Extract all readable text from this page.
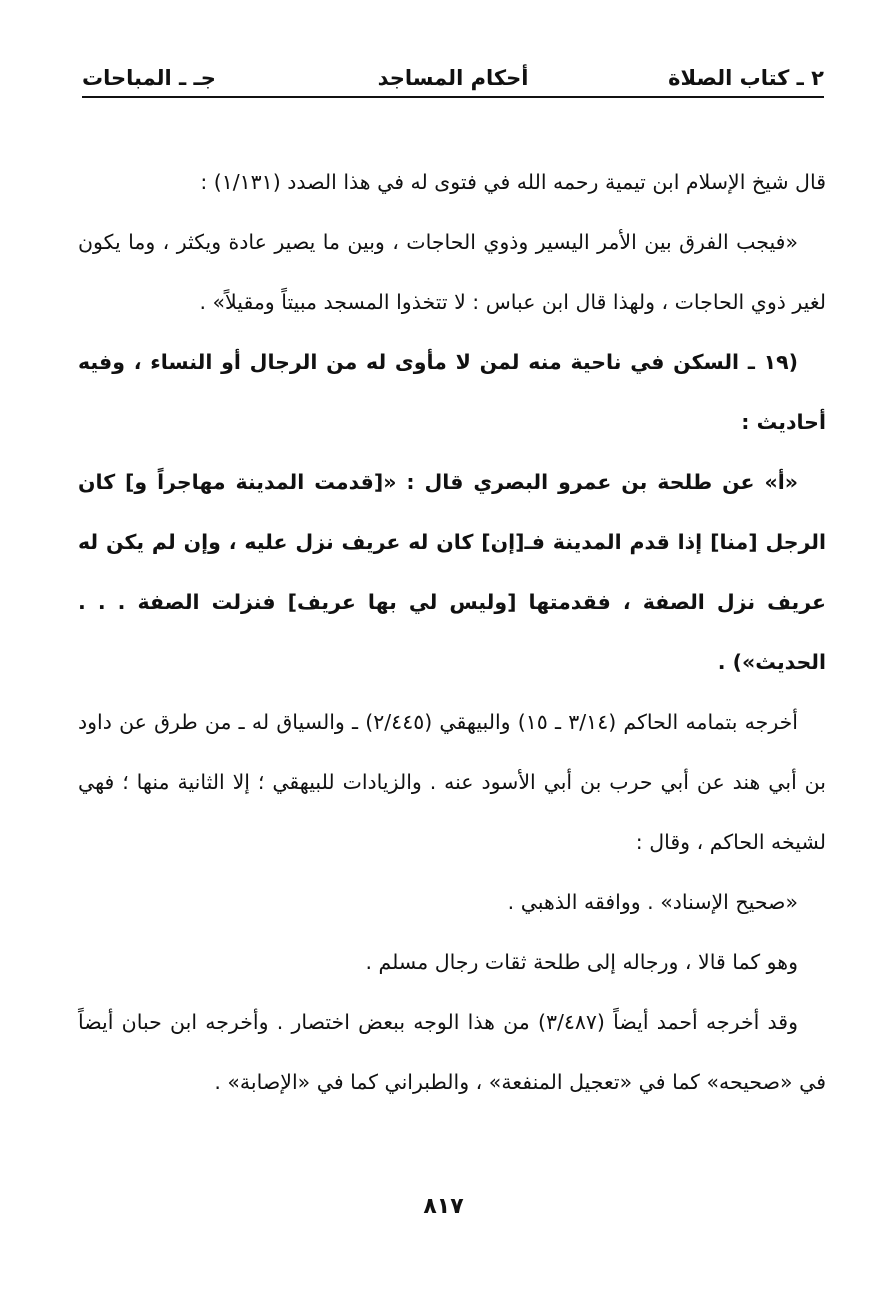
٢ ـ كتاب الصلاة
أحكام المساجد
جـ ـ المباحات

قال شيخ الإسلام ابن تيمية رحمه الله في فتوى له في هذا الصدد (١/١٣١) :

«فيجب الفرق بين الأمر اليسير وذوي الحاجات ، وبين ما يصير عادة ويكثر ، وما يكون لغير ذوي الحاجات ، ولهذا قال ابن عباس : لا تتخذوا المسجد مبيتاً ومقيلاً» .

(١٩ ـ السكن في ناحية منه لمن لا مأوى له من الرجال أو النساء ، وفيه أحاديث :

«أ» عن طلحة بن عمرو البصري قال : «[قدمت المدينة مهاجراً و] كان الرجل [منا] إذا قدم المدينة فـ[إن] كان له عريف نزل عليه ، وإن لم يكن له عريف نزل الصفة ، فقدمتها [وليس لي بها عريف] فنزلت الصفة . . . الحديث») .

أخرجه بتمامه الحاكم (٣/١٤ ـ ١٥) والبيهقي (٢/٤٤٥) ـ والسياق له ـ من طرق عن داود بن أبي هند عن أبي حرب بن أبي الأسود عنه . والزيادات للبيهقي ؛ إلا الثانية منها ؛ فهي لشيخه الحاكم ، وقال :

«صحيح الإسناد» . ووافقه الذهبي .

وهو كما قالا ، ورجاله إلى طلحة ثقات رجال مسلم .

وقد أخرجه أحمد أيضاً (٣/٤٨٧) من هذا الوجه ببعض اختصار . وأخرجه ابن حبان أيضاً في «صحيحه» كما في «تعجيل المنفعة» ، والطبراني كما في «الإصابة» .

٨١٧
